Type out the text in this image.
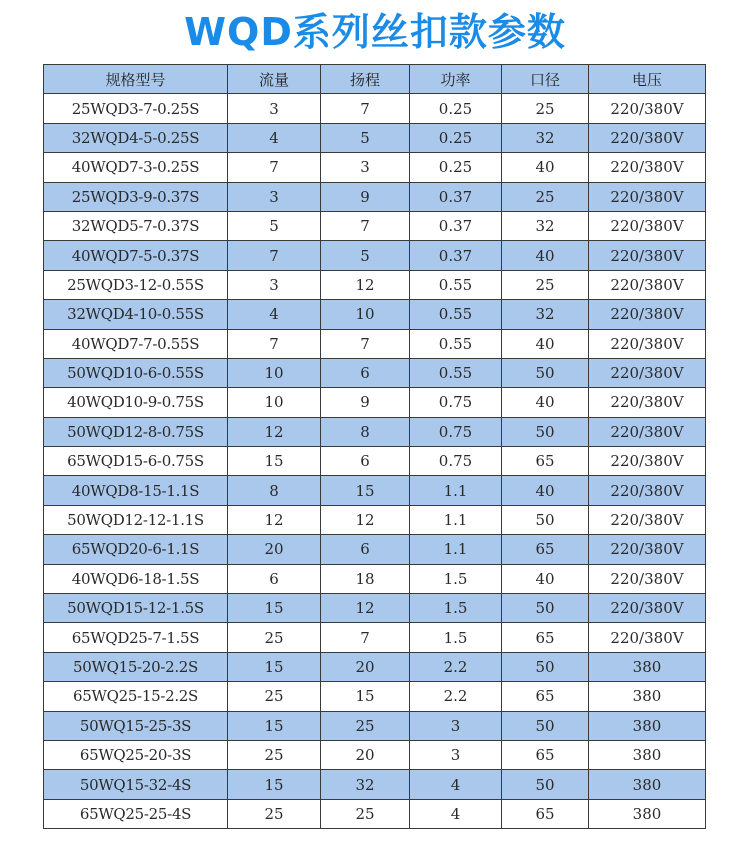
WQD系列丝扣款参数
规格型号	流量	扬程	功率	口径	电压
25WQD3-7-0.25S	3	7	0.25	25	220/380V
32WQD4-5-0.25S	4	5	0.25	32	220/380V
40WQD7-3-0.25S	7	3	0.25	40	220/380V
25WQD3-9-0.37S	3	9	0.37	25	220/380V
32WQD5-7-0.37S	5	7	0.37	32	220/380V
40WQD7-5-0.37S	7	5	0.37	40	220/380V
25WQD3-12-0.55S	3	12	0.55	25	220/380V
32WQD4-10-0.55S	4	10	0.55	32	220/380V
40WQD7-7-0.55S	7	7	0.55	40	220/380V
50WQD10-6-0.55S	10	6	0.55	50	220/380V
40WQD10-9-0.75S	10	9	0.75	40	220/380V
50WQD12-8-0.75S	12	8	0.75	50	220/380V
65WQD15-6-0.75S	15	6	0.75	65	220/380V
40WQD8-15-1.1S	8	15	1.1	40	220/380V
50WQD12-12-1.1S	12	12	1.1	50	220/380V
65WQD20-6-1.1S	20	6	1.1	65	220/380V
40WQD6-18-1.5S	6	18	1.5	40	220/380V
50WQD15-12-1.5S	15	12	1.5	50	220/380V
65WQD25-7-1.5S	25	7	1.5	65	220/380V
50WQ15-20-2.2S	15	20	2.2	50	380
65WQ25-15-2.2S	25	15	2.2	65	380
50WQ15-25-3S	15	25	3	50	380
65WQ25-20-3S	25	20	3	65	380
50WQ15-32-4S	15	32	4	50	380
65WQ25-25-4S	25	25	4	65	380
